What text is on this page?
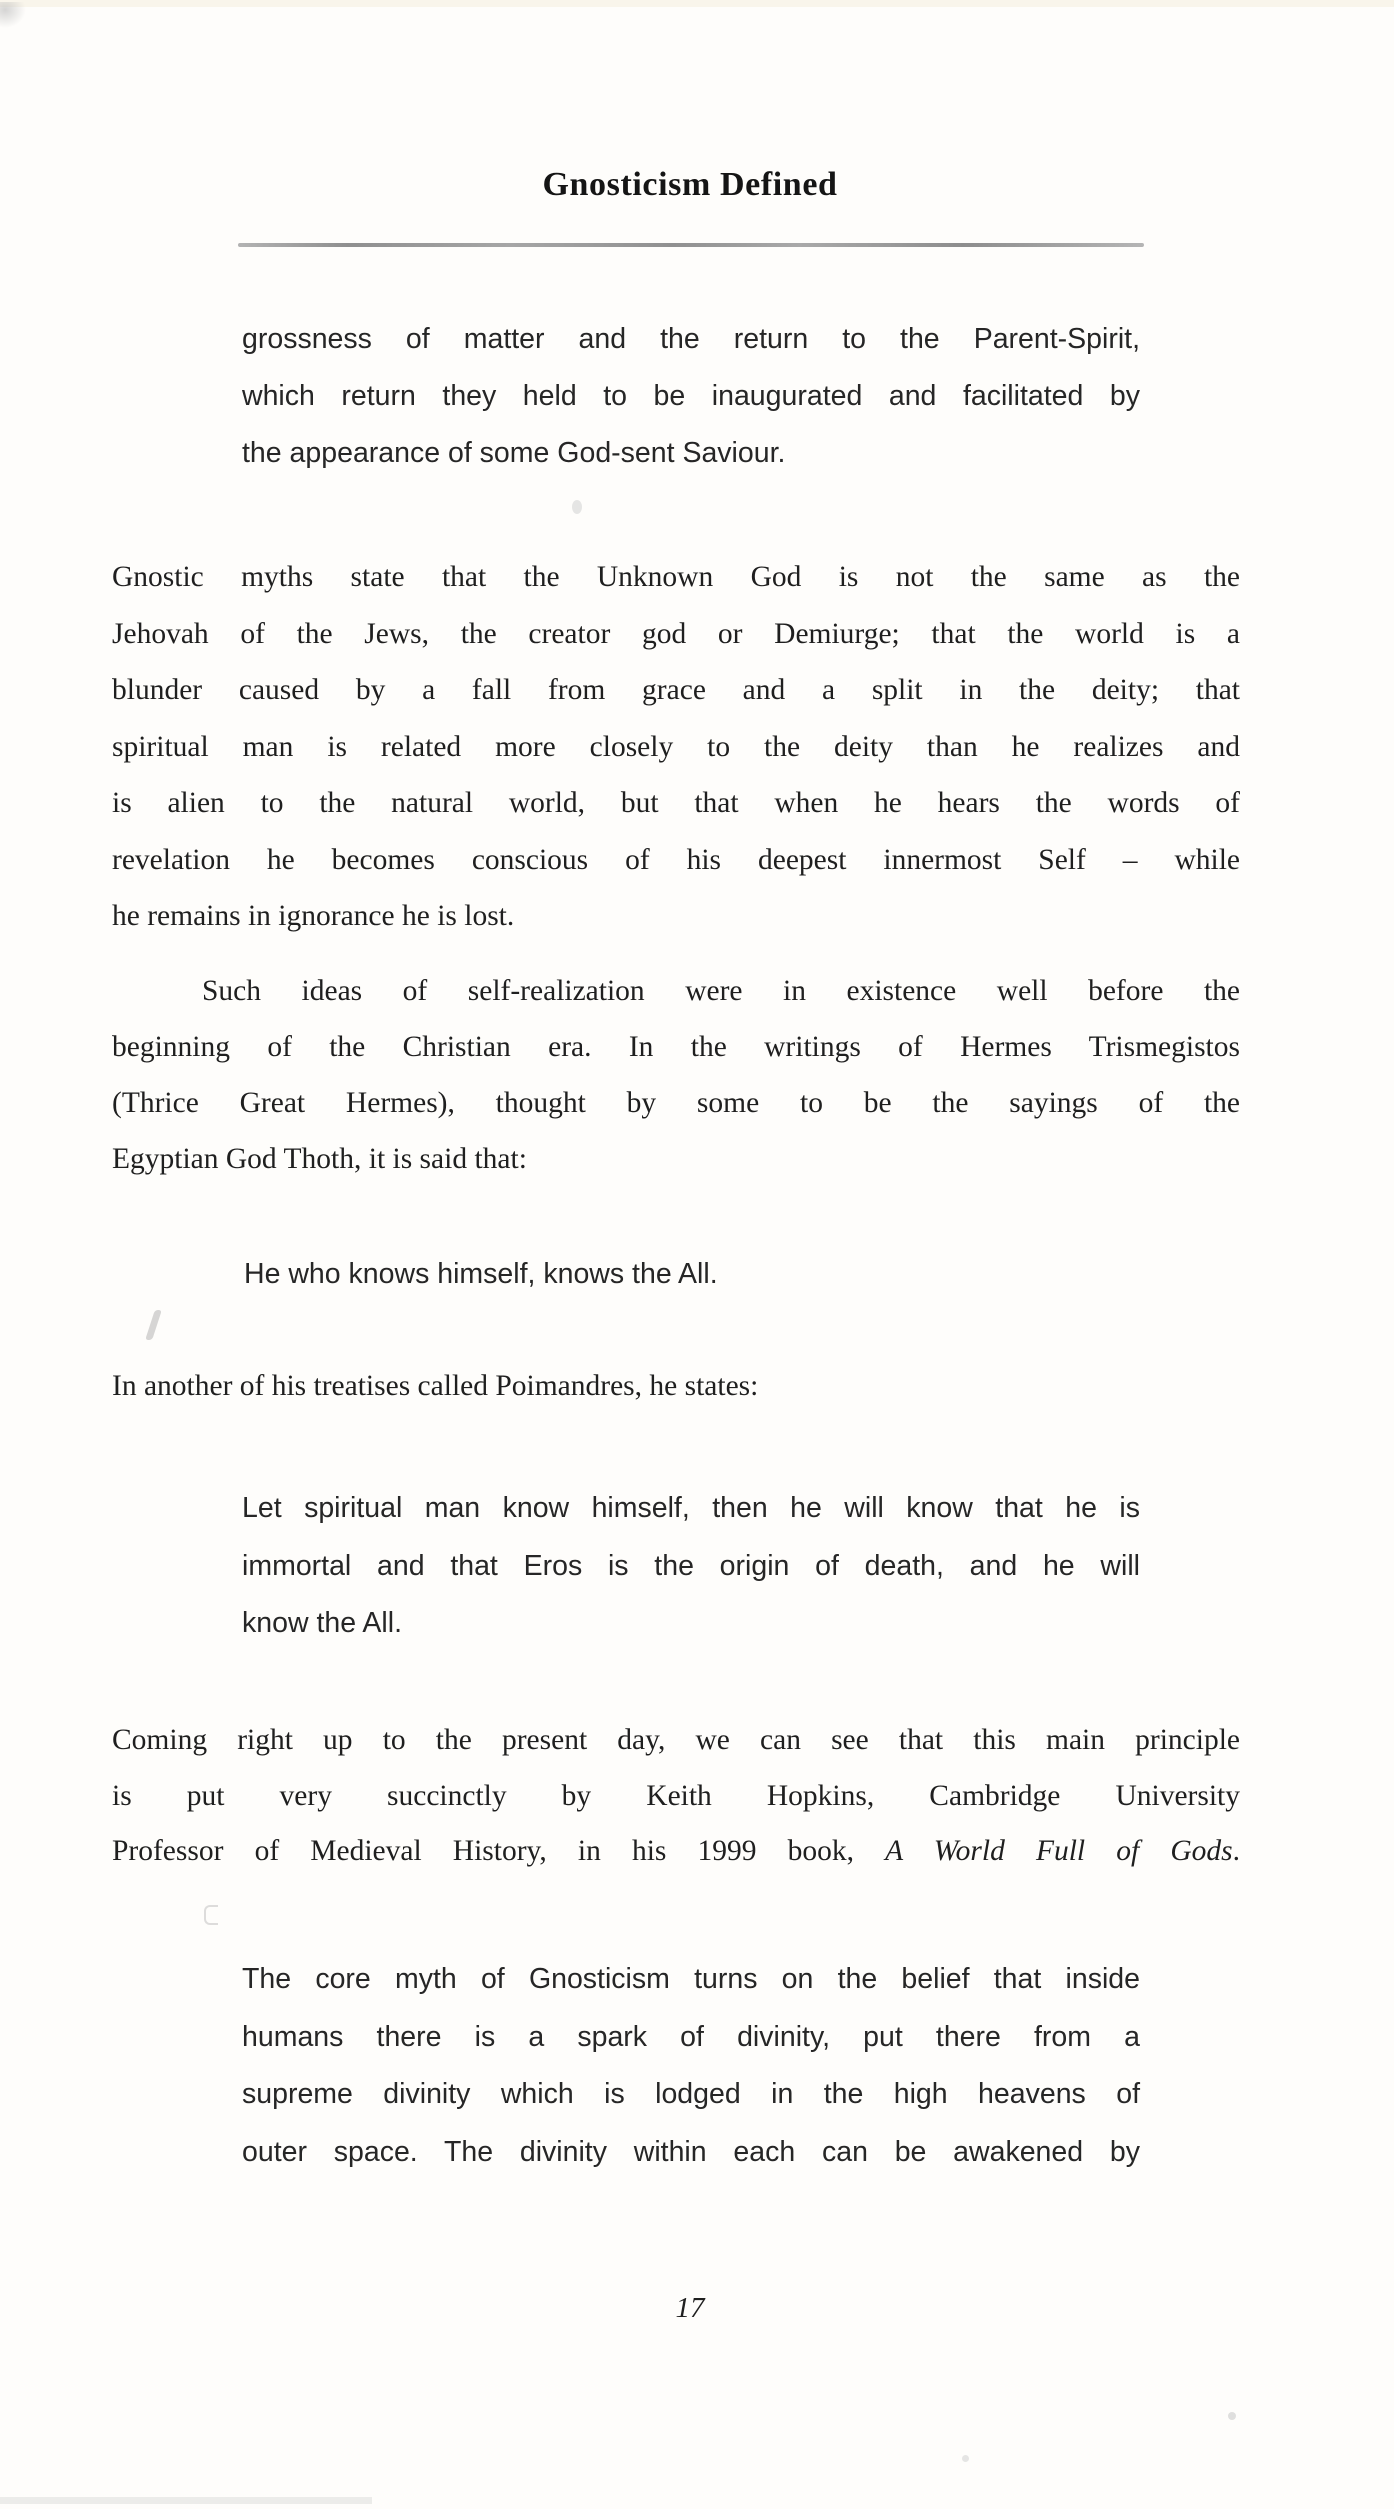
Gnosticism Defined
grossness of matter and the return to the Parent-Spirit,
which return they held to be inaugurated and facilitated by
the appearance of some God-sent Saviour.
Gnostic myths state that the Unknown God is not the same as the
Jehovah of the Jews, the creator god or Demiurge; that the world is a
blunder caused by a fall from grace and a split in the deity; that
spiritual man is related more closely to the deity than he realizes and
is alien to the natural world, but that when he hears the words of
revelation he becomes conscious of his deepest innermost Self – while
he remains in ignorance he is lost.
Such ideas of self-realization were in existence well before the
beginning of the Christian era. In the writings of Hermes Trismegistos
(Thrice Great Hermes), thought by some to be the sayings of the
Egyptian God Thoth, it is said that:
He who knows himself, knows the All.
In another of his treatises called Poimandres, he states:
Let spiritual man know himself, then he will know that he is
immortal and that Eros is the origin of death, and he will
know the All.
Coming right up to the present day, we can see that this main principle
is put very succinctly by Keith Hopkins, Cambridge University
Professor of Medieval History, in his 1999 book, A World Full of Gods.
The core myth of Gnosticism turns on the belief that inside
humans there is a spark of divinity, put there from a
supreme divinity which is lodged in the high heavens of
outer space. The divinity within each can be awakened by
17
